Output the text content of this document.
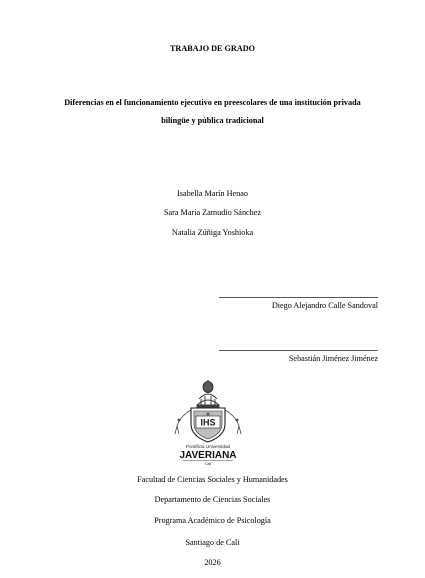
TRABAJO DE GRADO
Diferencias en el funcionamiento ejecutivo en preescolares de una institución privada
bilingüe y pública tradicional
Isabella Marín Henao
Sara María Zamudio Sánchez
Natalia Zúñiga Yoshioka
Diego Alejandro Calle Sandoval
Sebastián Jiménez Jiménez
IHS
Pontificia Universidad
JAVERIANA
Cali
Facultad de Ciencias Sociales y Humanidades
Departamento de Ciencias Sociales
Programa Académico de Psicología
Santiago de Cali
2026
